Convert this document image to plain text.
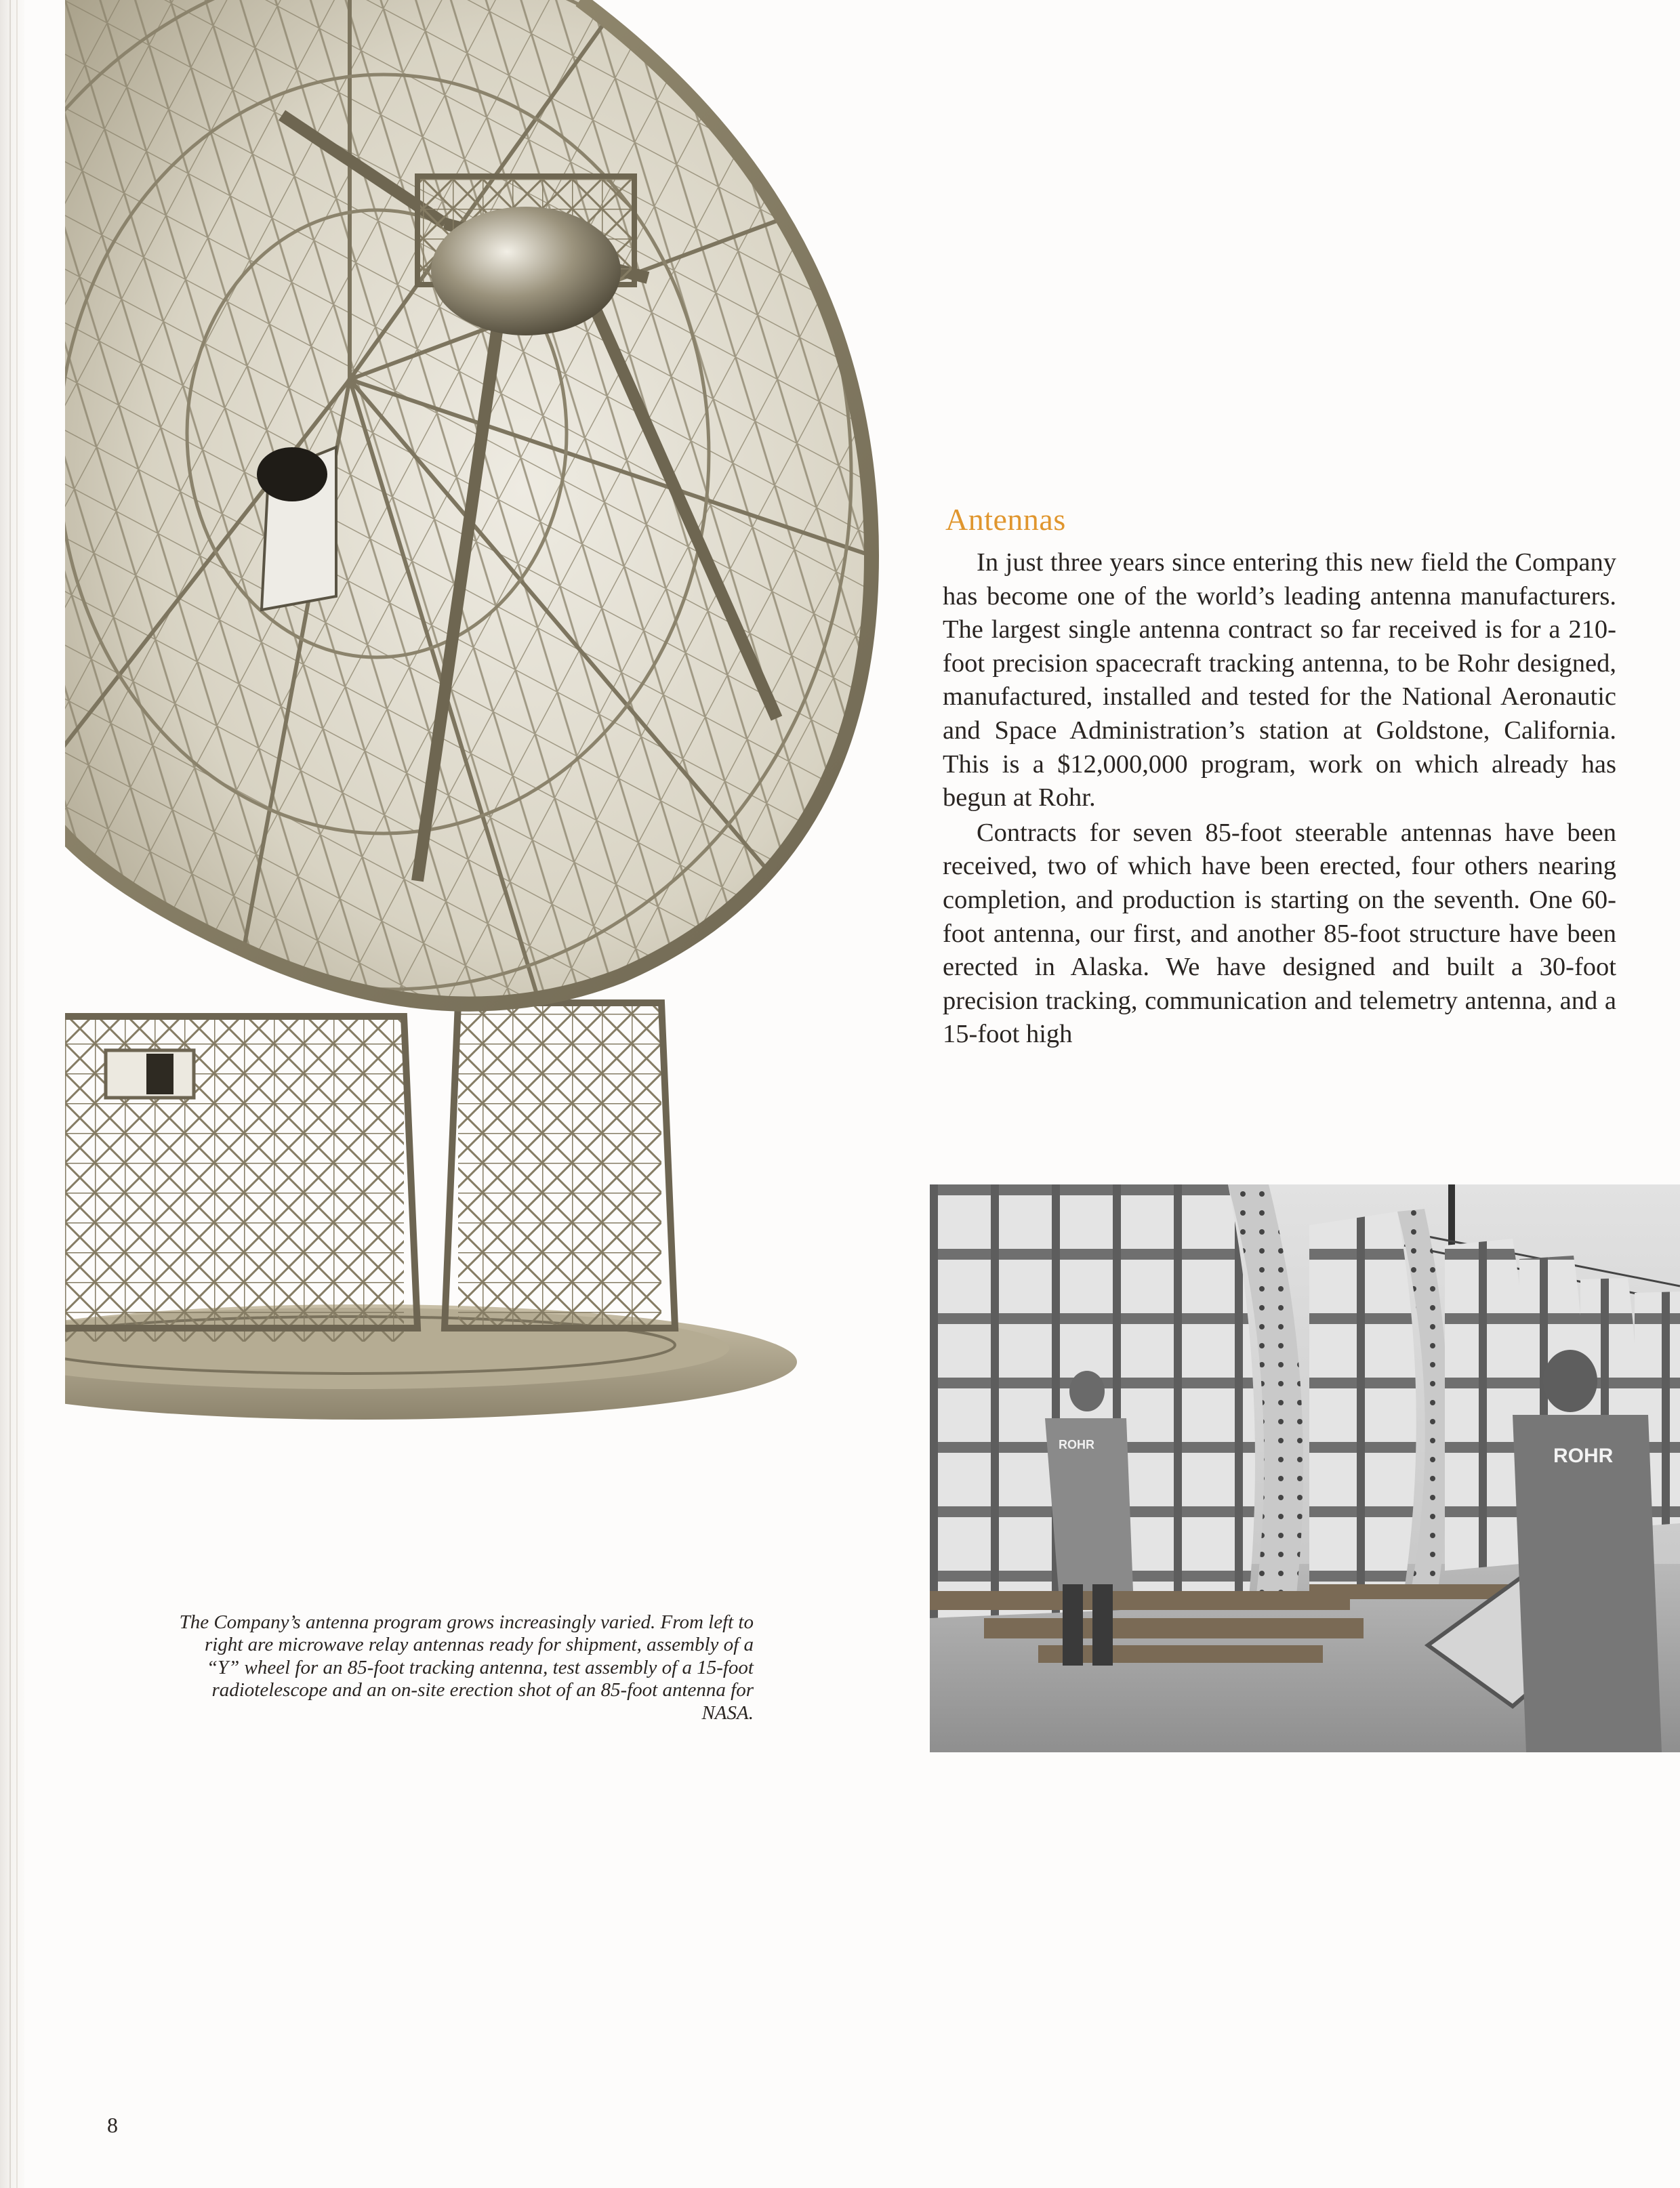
Antennas

In just three years since entering this new field the Company has become one of the world’s leading antenna manufacturers. The largest single antenna contract so far received is for a 210-foot precision spacecraft tracking antenna, to be Rohr designed, manufactured, installed and tested for the National Aeronautic and Space Administration’s station at Goldstone, California. This is a $12,000,000 program, work on which already has begun at Rohr.

Contracts for seven 85-foot steerable antennas have been received, two of which have been erected, four others nearing completion, and production is starting on the seventh. One 60-foot antenna, our first, and another 85-foot structure have been erected in Alaska. We have designed and built a 30-foot precision tracking, communication and telemetry antenna, and a 15-foot high

ROHR	ROHR

The Company’s antenna program grows increasingly varied. From left to right are microwave relay antennas ready for shipment, assembly of a “Y” wheel for an 85-foot tracking antenna, test assembly of a 15-foot radiotelescope and an on-site erection shot of an 85-foot antenna for NASA.

8
